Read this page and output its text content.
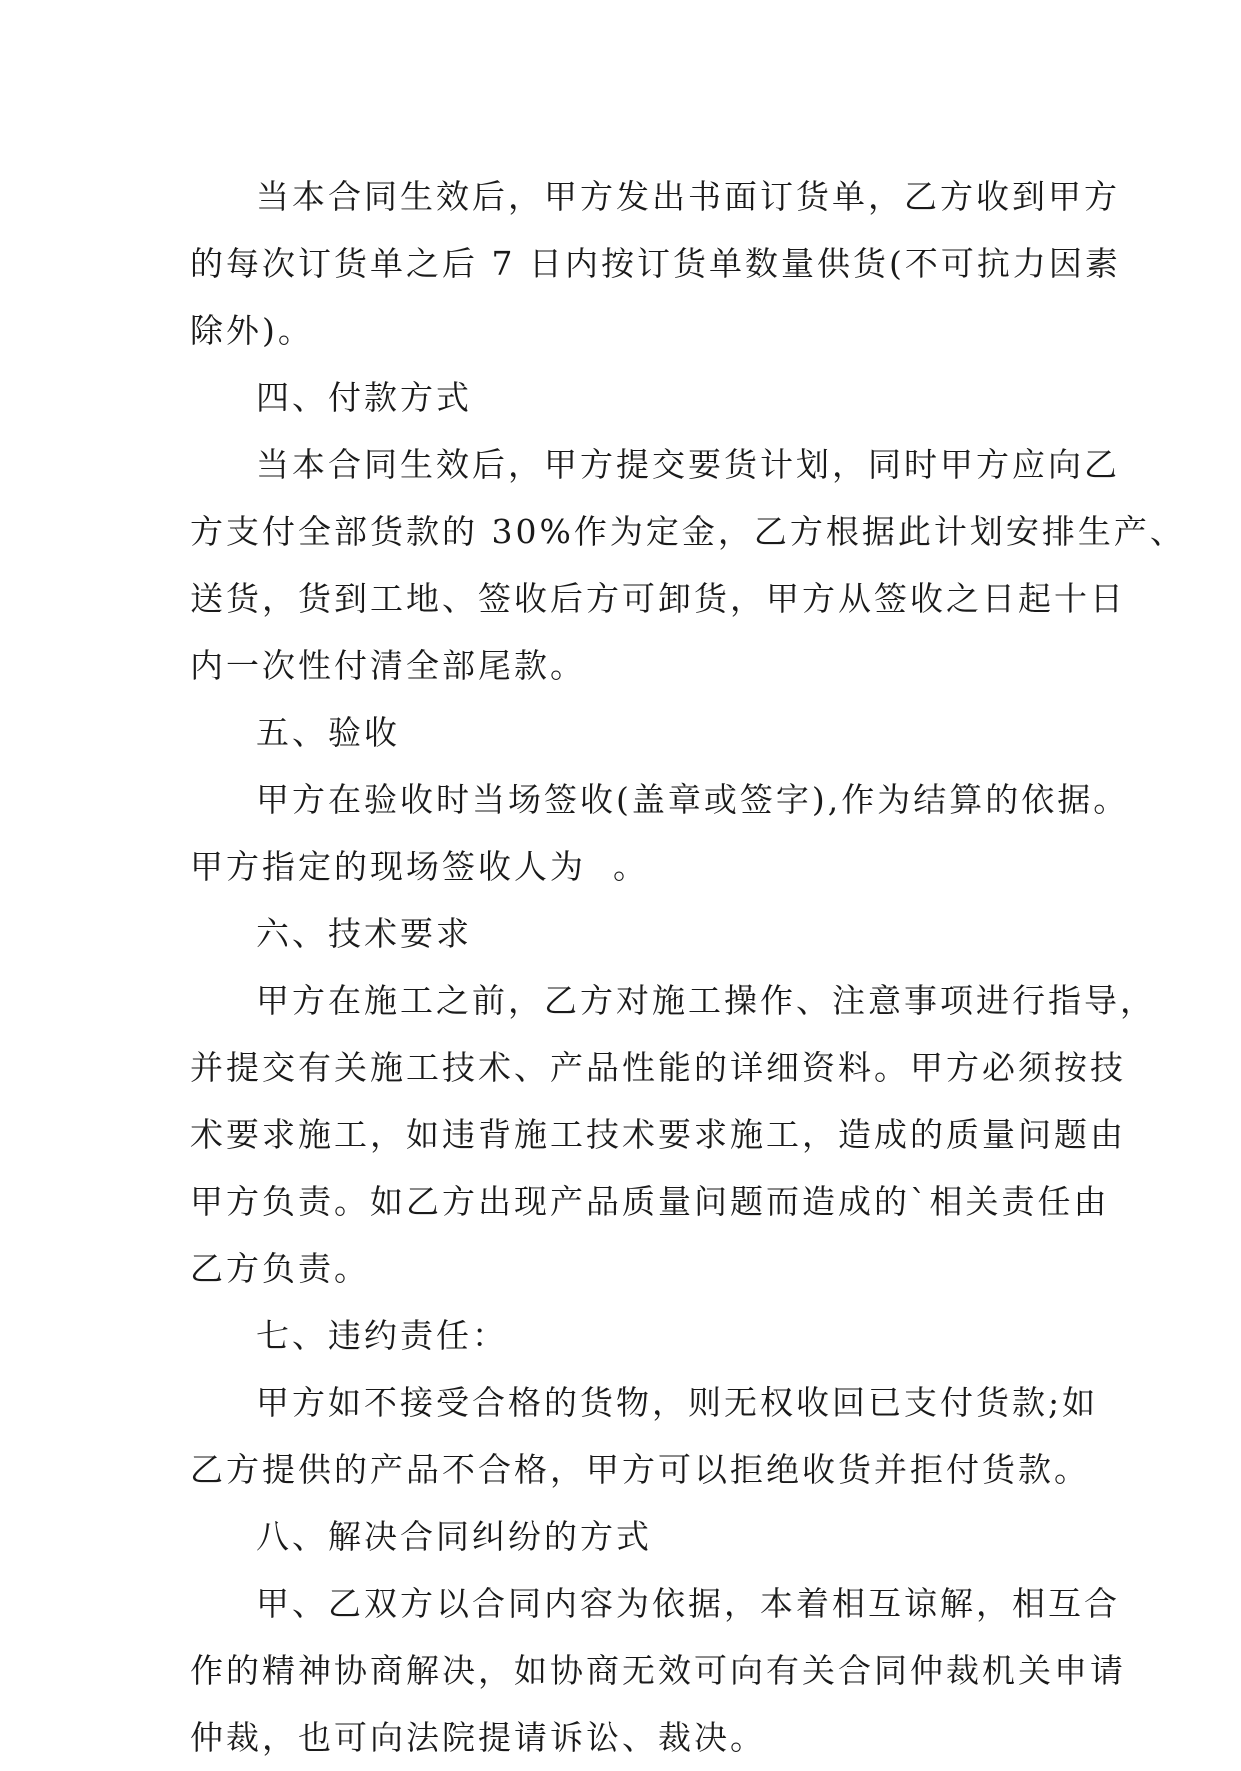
当本合同生效后，甲方发出书面订货单，乙方收到甲方
的每次订货单之后 7 日内按订货单数量供货(不可抗力因素
除外)。
四、付款方式
当本合同生效后，甲方提交要货计划，同时甲方应向乙
方支付全部货款的 30%作为定金，乙方根据此计划安排生产、
送货，货到工地、签收后方可卸货，甲方从签收之日起十日
内一次性付清全部尾款。
五、验收
甲方在验收时当场签收(盖章或签字),作为结算的依据。
甲方指定的现场签收人为  。
六、技术要求
甲方在施工之前，乙方对施工操作、注意事项进行指导，
并提交有关施工技术、产品性能的详细资料。甲方必须按技
术要求施工，如违背施工技术要求施工，造成的质量问题由
甲方负责。如乙方出现产品质量问题而造成的`相关责任由
乙方负责。
七、违约责任：
甲方如不接受合格的货物，则无权收回已支付货款;如
乙方提供的产品不合格，甲方可以拒绝收货并拒付货款。
八、解决合同纠纷的方式
甲、乙双方以合同内容为依据，本着相互谅解，相互合
作的精神协商解决，如协商无效可向有关合同仲裁机关申请
仲裁，也可向法院提请诉讼、裁决。
